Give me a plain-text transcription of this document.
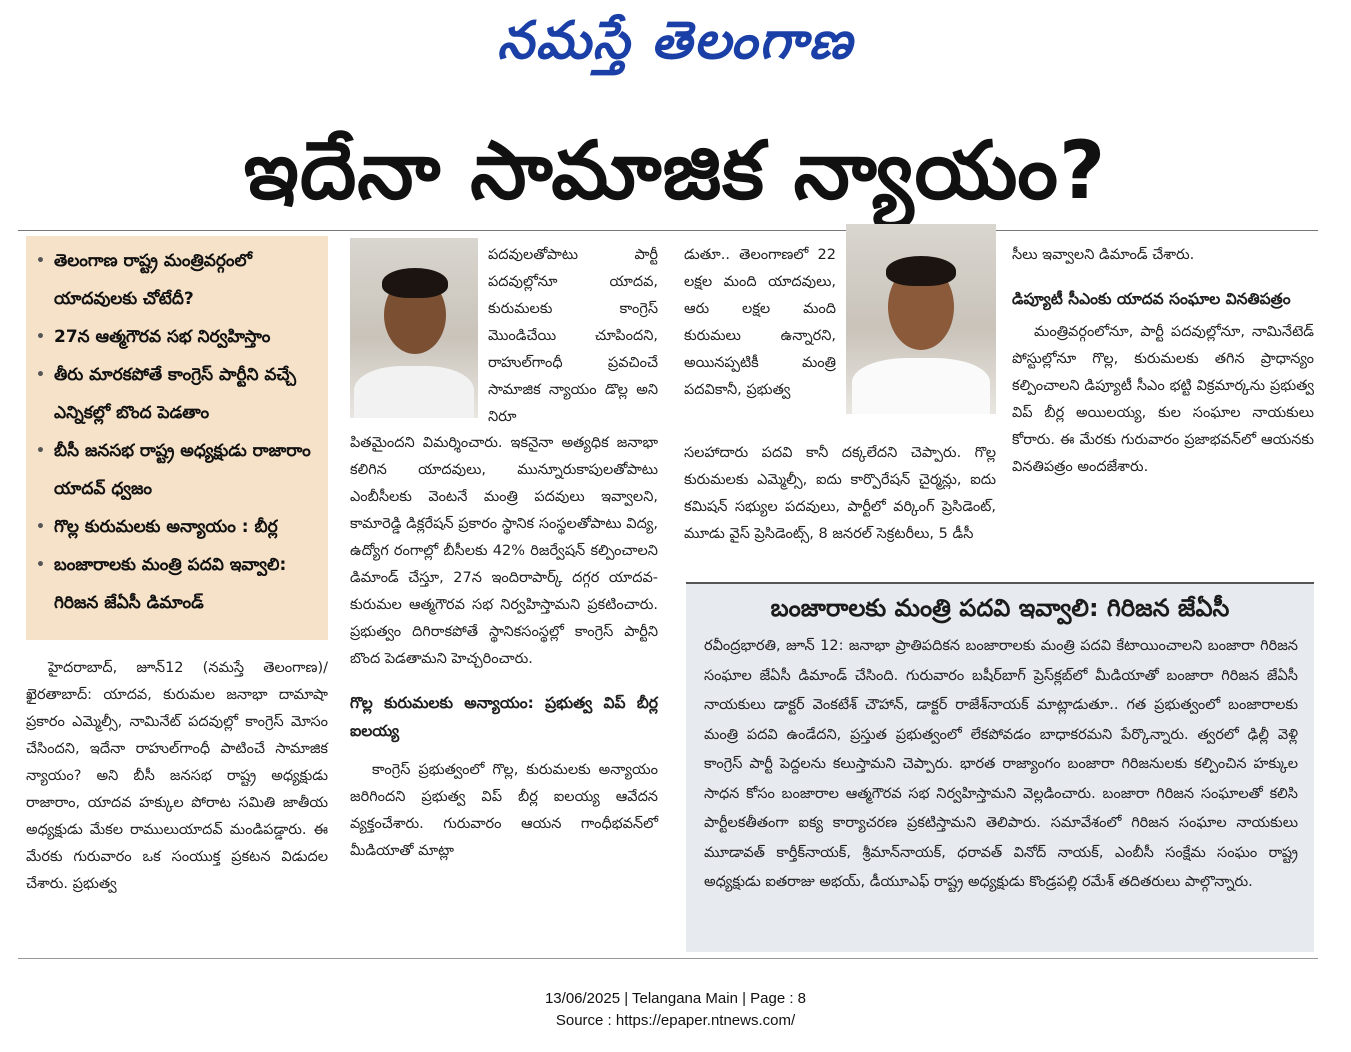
నమస్తే తెలంగాణ
ఇదేనా సామాజిక న్యాయం?
• తెలంగాణ రాష్ట్ర మంత్రివర్గంలో యాదవులకు చోటేదీ?
• 27న ఆత్మగౌరవ సభ నిర్వహిస్తాం
• తీరు మారకపోతే కాంగ్రెస్ పార్టీని వచ్చే ఎన్నికల్లో బొంద పెడతాం
• బీసీ జనసభ రాష్ట్ర అధ్యక్షుడు రాజారాం యాదవ్ ధ్వజం
• గొల్ల కురుమలకు అన్యాయం : బీర్ల
• బంజారాలకు మంత్రి పదవి ఇవ్వాలి: గిరిజన జేఏసీ డిమాండ్

హైదరాబాద్, జూన్12 (నమస్తే తెలంగాణ)/ఖైరతాబాద్: యాదవ, కురుమల జనాభా దామాషా ప్రకారం ఎమ్మెల్సీ, నామినేట్ పదవుల్లో కాంగ్రెస్ మోసం చేసిందని, ఇదేనా రాహుల్‌గాంధీ పాటించే సామాజిక న్యాయం? అని బీసీ జనసభ రాష్ట్ర అధ్యక్షుడు రాజారాం, యాదవ హక్కుల పోరాట సమితి జాతీయ అధ్యక్షుడు మేకల రాములుయాదవ్ మండిపడ్డారు. ఈ మేరకు గురువారం ఒక సంయుక్త ప్రకటన విడుదల చేశారు. ప్రభుత్వ

పదవులతోపాటు పార్టీ పదవుల్లోనూ యాదవ, కురుమలకు కాంగ్రెస్ మొండిచేయి చూపిందని, రాహుల్‌గాంధీ ప్రవచించే సామాజిక న్యాయం డొల్ల అని నిరూ

పితమైందని విమర్శించారు. ఇకనైనా అత్యధిక జనాభా కలిగిన యాదవులు, మున్నూరుకాపులతోపాటు ఎంబీసీలకు వెంటనే మంత్రి పదవులు ఇవ్వాలని, కామారెడ్డి డిక్లరేషన్ ప్రకారం స్థానిక సంస్థలతోపాటు విద్య, ఉద్యోగ రంగాల్లో బీసీలకు 42% రిజర్వేషన్ కల్పించాలని డిమాండ్ చేస్తూ, 27న ఇందిరాపార్క్ దగ్గర యాదవ-కురుమల ఆత్మగౌరవ సభ నిర్వహిస్తామని ప్రకటించారు. ప్రభుత్వం దిగిరాకపోతే స్థానికసంస్థల్లో కాంగ్రెస్ పార్టీని బొంద పెడతామని హెచ్చరించారు.

గొల్ల కురుమలకు అన్యాయం: ప్రభుత్వ విప్ బీర్ల ఐలయ్య

కాంగ్రెస్ ప్రభుత్వంలో గొల్ల, కురుమలకు అన్యాయం జరిగిందని ప్రభుత్వ విప్ బీర్ల ఐలయ్య ఆవేదన వ్యక్తంచేశారు. గురువారం ఆయన గాంధీభవన్‌లో మీడియాతో మాట్లా

డుతూ.. తెలంగాణలో 22 లక్షల మంది యాదవులు, ఆరు లక్షల మంది కురుమలు ఉన్నారని, అయినప్పటికీ మంత్రి పదవికానీ, ప్రభుత్వ

సలహాదారు పదవి కానీ దక్కలేదని చెప్పారు. గొల్ల కురుమలకు ఎమ్మెల్సీ, ఐదు కార్పొరేషన్ చైర్మన్లు, ఐదు కమిషన్ సభ్యుల పదవులు, పార్టీలో వర్కింగ్ ప్రెసిడెంట్, మూడు వైస్ ప్రెసిడెంట్స్, 8 జనరల్ సెక్రటరీలు, 5 డీసీ

సీలు ఇవ్వాలని డిమాండ్ చేశారు.

డిప్యూటీ సీఎంకు యాదవ సంఘాల వినతిపత్రం

మంత్రివర్గంలోనూ, పార్టీ పదవుల్లోనూ, నామినేటెడ్ పోస్టుల్లోనూ గొల్ల, కురుమలకు తగిన ప్రాధాన్యం కల్పించాలని డిప్యూటీ సీఎం భట్టి విక్రమార్కను ప్రభుత్వ విప్ బీర్ల అయిలయ్య, కుల సంఘాల నాయకులు కోరారు. ఈ మేరకు గురువారం ప్రజాభవన్‌లో ఆయనకు వినతిపత్రం అందజేశారు.

బంజారాలకు మంత్రి పదవి ఇవ్వాలి: గిరిజన జేఏసీ
రవీంద్రభారతి, జూన్ 12: జనాభా ప్రాతిపదికన బంజారాలకు మంత్రి పదవి కేటాయించాలని బంజారా గిరిజన సంఘాల జేఏసీ డిమాండ్ చేసింది. గురువారం బషీర్‌బాగ్ ప్రెస్‌క్లబ్‌లో మీడియాతో బంజారా గిరిజన జేఏసీ నాయకులు డాక్టర్ వెంకటేశ్ చౌహాన్, డాక్టర్ రాజేశ్‌నాయక్ మాట్లాడుతూ.. గత ప్రభుత్వంలో బంజారాలకు మంత్రి పదవి ఉండేదని, ప్రస్తుత ప్రభుత్వంలో లేకపోవడం బాధాకరమని పేర్కొన్నారు. త్వరలో ఢిల్లీ వెళ్లి కాంగ్రెస్ పార్టీ పెద్దలను కలుస్తామని చెప్పారు. భారత రాజ్యాంగం బంజారా గిరిజనులకు కల్పించిన హక్కుల సాధన కోసం బంజారాల ఆత్మగౌరవ సభ నిర్వహిస్తామని వెల్లడించారు. బంజారా గిరిజన సంఘాలతో కలిసి పార్టీలకతీతంగా ఐక్య కార్యాచరణ ప్రకటిస్తామని తెలిపారు. సమావేశంలో గిరిజన సంఘాల నాయకులు మూడావత్ కార్తీక్‌నాయక్, శ్రీమాన్‌నాయక్, ధరావత్ వినోద్ నాయక్, ఎంబీసీ సంక్షేమ సంఘం రాష్ట్ర అధ్యక్షుడు ఐతరాజు అభయ్, డీయూఎఫ్ రాష్ట్ర అధ్యక్షుడు కొండ్రపల్లి రమేశ్ తదితరులు పాల్గొన్నారు.
13/06/2025 | Telangana Main | Page : 8
Source : https://epaper.ntnews.com/
